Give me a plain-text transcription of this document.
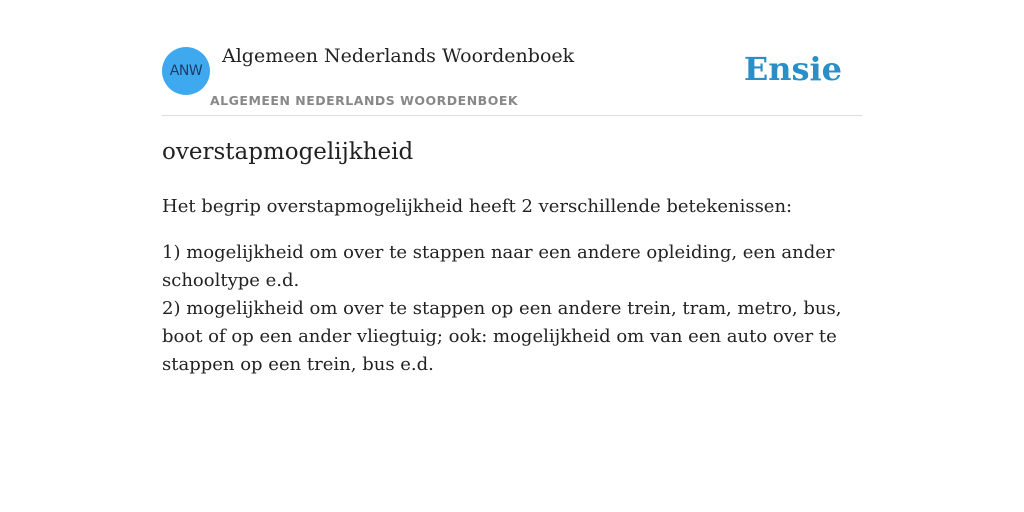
ANW
Algemeen Nederlands Woordenboek
ALGEMEEN NEDERLANDS WOORDENBOEK
Ensie
overstapmogelijkheid

Het begrip overstapmogelijkheid heeft 2 verschillende betekenissen:

1) mogelijkheid om over te stappen naar een andere opleiding, een ander schooltype e.d.
2) mogelijkheid om over te stappen op een andere trein, tram, metro, bus, boot of op een ander vliegtuig; ook: mogelijkheid om van een auto over te stappen op een trein, bus e.d.
